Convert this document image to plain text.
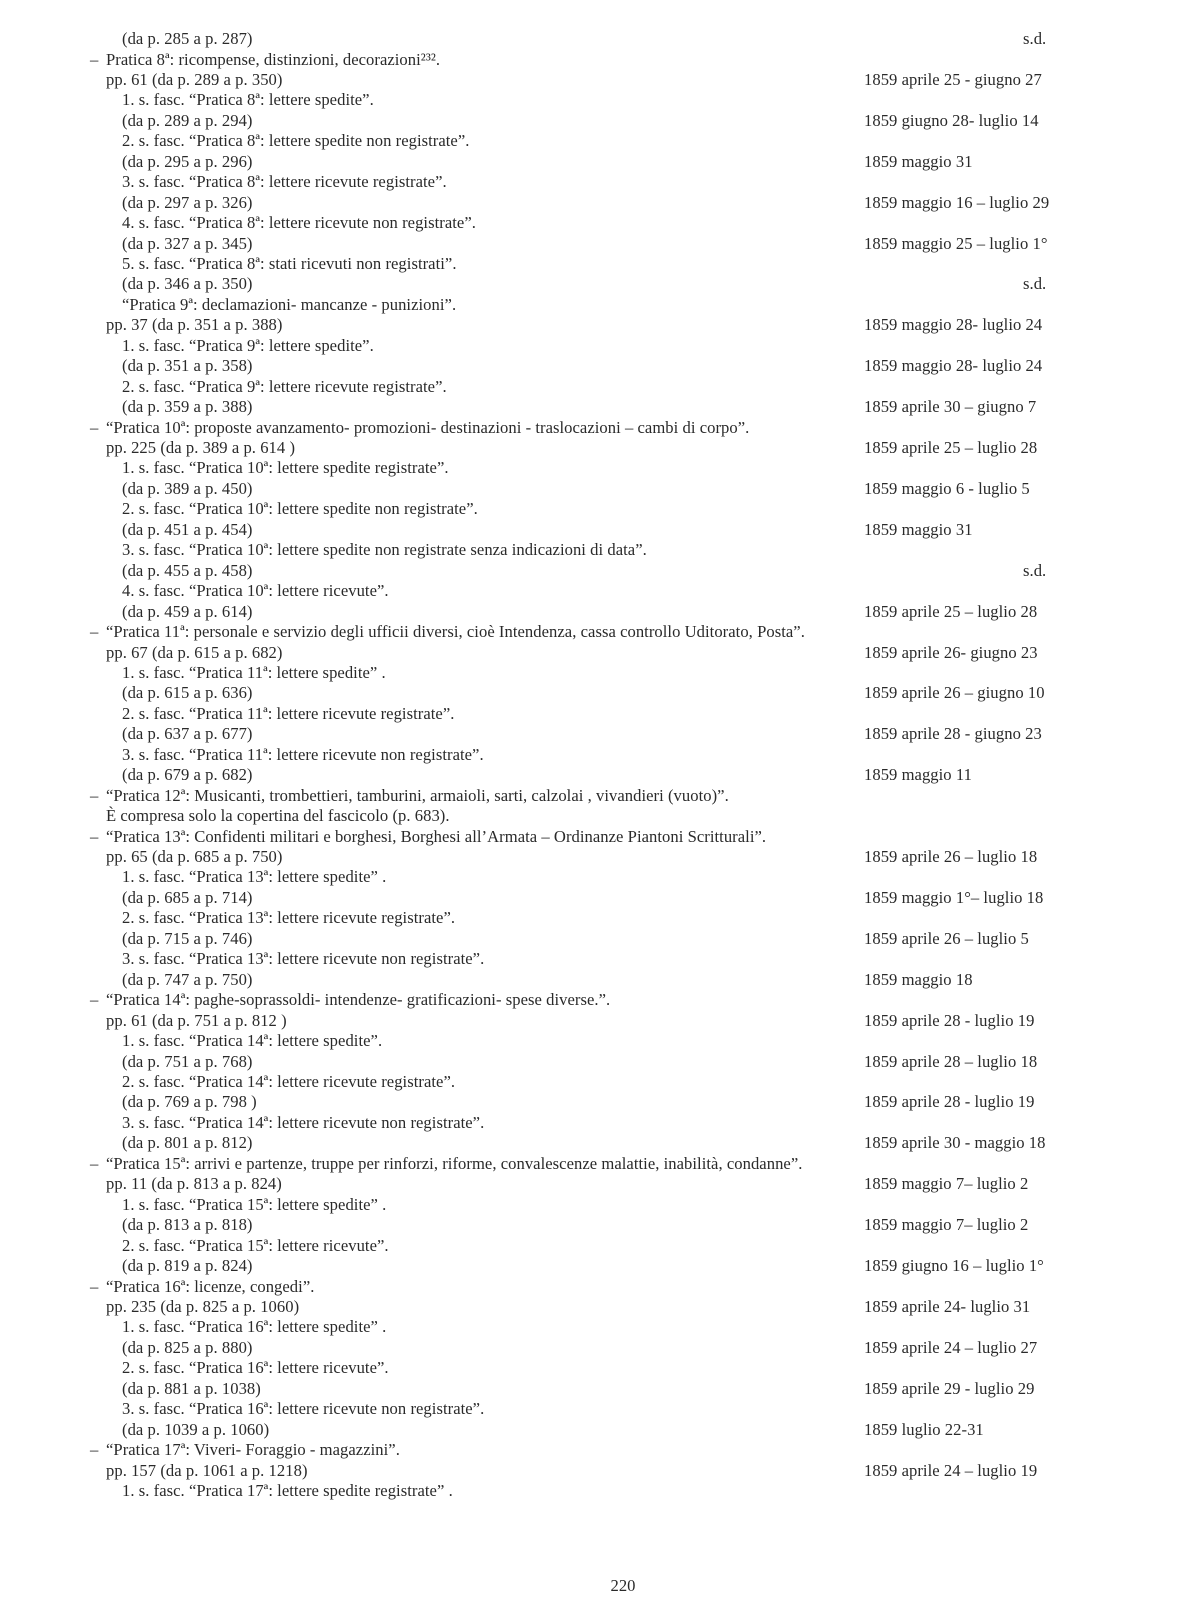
(da p. 285 a p. 287)	s.d.
– Pratica 8ª: ricompense, distinzioni, decorazioni²³².
pp. 61 (da p. 289 a p. 350)	1859 aprile 25 - giugno 27
1. s. fasc. “Pratica 8ª: lettere spedite”.
(da p. 289 a p. 294)	1859 giugno 28- luglio 14
2. s. fasc. “Pratica 8ª: lettere spedite non registrate”.
(da p. 295 a p. 296)	1859 maggio 31
3. s. fasc. “Pratica 8ª: lettere ricevute registrate”.
(da p. 297 a p. 326)	1859 maggio 16 – luglio 29
4. s. fasc. “Pratica 8ª: lettere ricevute non registrate”.
(da p. 327 a p. 345)	1859 maggio 25 – luglio 1°
5. s. fasc. “Pratica 8ª: stati ricevuti non registrati”.
(da p. 346 a p. 350)	s.d.
“Pratica 9ª: declamazioni- mancanze - punizioni”.
pp. 37 (da p. 351 a p. 388)	1859 maggio 28- luglio 24
1. s. fasc. “Pratica 9ª: lettere spedite”.
(da p. 351 a p. 358)	1859 maggio 28- luglio 24
2. s. fasc. “Pratica 9ª: lettere ricevute registrate”.
(da p. 359 a p. 388)	1859 aprile 30 – giugno 7
– “Pratica 10ª: proposte avanzamento- promozioni- destinazioni - traslocazioni – cambi di corpo”.
pp. 225 (da p. 389 a p. 614 )	1859 aprile 25 – luglio 28
1. s. fasc. “Pratica 10ª: lettere spedite registrate”.
(da p. 389 a p. 450)	1859 maggio 6 - luglio 5
2. s. fasc. “Pratica 10ª: lettere spedite non registrate”.
(da p. 451 a p. 454)	1859 maggio 31
3. s. fasc. “Pratica 10ª: lettere spedite non registrate senza indicazioni di data”.
(da p. 455 a p. 458)	s.d.
4. s. fasc. “Pratica 10ª: lettere ricevute”.
(da p. 459 a p. 614)	1859 aprile 25 – luglio 28
– “Pratica 11ª: personale e servizio degli ufficii diversi, cioè Intendenza, cassa controllo Uditorato, Posta”.
pp. 67 (da p. 615 a p. 682)	1859 aprile 26- giugno 23
1. s. fasc. “Pratica 11ª: lettere spedite” .
(da p. 615 a p. 636)	1859 aprile 26 – giugno 10
2. s. fasc. “Pratica 11ª: lettere ricevute registrate”.
(da p. 637 a p. 677)	1859 aprile 28 - giugno 23
3. s. fasc. “Pratica 11ª: lettere ricevute non registrate”.
(da p. 679 a p. 682)	1859 maggio 11
– “Pratica 12ª: Musicanti, trombettieri, tamburini, armaioli, sarti, calzolai , vivandieri (vuoto)”.
È compresa solo la copertina del fascicolo (p. 683).
– “Pratica 13ª: Confidenti militari e borghesi, Borghesi all’Armata – Ordinanze Piantoni Scritturali”.
pp. 65 (da p. 685 a p. 750)	1859 aprile 26 – luglio 18
1. s. fasc. “Pratica 13ª: lettere spedite” .
(da p. 685 a p. 714)	1859 maggio 1°– luglio 18
2. s. fasc. “Pratica 13ª: lettere ricevute registrate”.
(da p. 715 a p. 746)	1859 aprile 26 – luglio 5
3. s. fasc. “Pratica 13ª: lettere ricevute non registrate”.
(da p. 747 a p. 750)	1859 maggio 18
– “Pratica 14ª: paghe-soprassoldi- intendenze- gratificazioni- spese diverse.”.
pp. 61 (da p. 751 a p. 812 )	1859 aprile 28 - luglio 19
1. s. fasc. “Pratica 14ª: lettere spedite”.
(da p. 751 a p. 768)	1859 aprile 28 – luglio 18
2. s. fasc. “Pratica 14ª: lettere ricevute registrate”.
(da p. 769 a p. 798 )	1859 aprile 28 - luglio 19
3. s. fasc. “Pratica 14ª: lettere ricevute non registrate”.
(da p. 801 a p. 812)	1859 aprile 30 - maggio 18
– “Pratica 15ª: arrivi e partenze, truppe per rinforzi, riforme, convalescenze malattie, inabilità, condanne”.
pp. 11 (da p. 813 a p. 824)	1859 maggio 7– luglio 2
1. s. fasc. “Pratica 15ª: lettere spedite” .
(da p. 813 a p. 818)	1859 maggio 7– luglio 2
2. s. fasc. “Pratica 15ª: lettere ricevute”.
(da p. 819 a p. 824)	1859 giugno 16 – luglio 1°
– “Pratica 16ª: licenze, congedi”.
pp. 235 (da p. 825 a p. 1060)	1859 aprile 24- luglio 31
1. s. fasc. “Pratica 16ª: lettere spedite” .
(da p. 825 a p. 880)	1859 aprile 24 – luglio 27
2. s. fasc. “Pratica 16ª: lettere ricevute”.
(da p. 881 a p. 1038)	1859 aprile 29 - luglio 29
3. s. fasc. “Pratica 16ª: lettere ricevute non registrate”.
(da p. 1039 a p. 1060)	1859 luglio 22-31
– “Pratica 17ª: Viveri- Foraggio - magazzini”.
pp. 157 (da p. 1061 a p. 1218)	1859 aprile 24 – luglio 19
1. s. fasc. “Pratica 17ª: lettere spedite registrate” .
220
